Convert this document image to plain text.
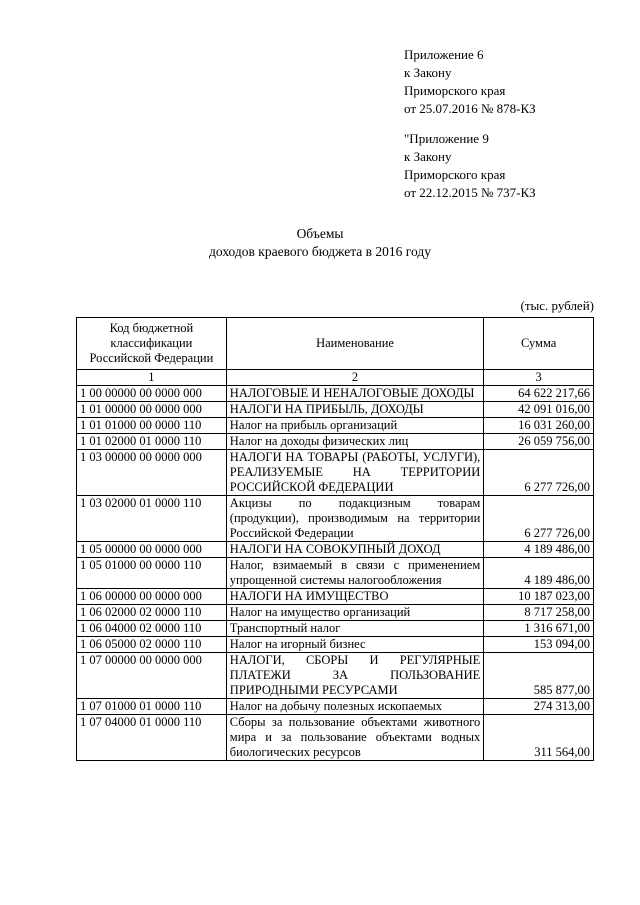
Приложение 6
к Закону
Приморского края
от 25.07.2016 № 878-КЗ
"Приложение 9
к Закону
Приморского края
от 22.12.2015 № 737-КЗ
Объемы
доходов краевого бюджета в 2016 году
(тыс. рублей)
Код бюджетной классификации Российской Федерации	Наименование	Сумма
1	2	3
1 00 00000 00 0000 000	НАЛОГОВЫЕ И НЕНАЛОГОВЫЕ ДОХОДЫ	64 622 217,66
1 01 00000 00 0000 000	НАЛОГИ НА ПРИБЫЛЬ, ДОХОДЫ	42 091 016,00
1 01 01000 00 0000 110	Налог на прибыль организаций	16 031 260,00
1 01 02000 01 0000 110	Налог на доходы физических лиц	26 059 756,00
1 03 00000 00 0000 000	НАЛОГИ НА ТОВАРЫ (РАБОТЫ, УСЛУГИ), РЕАЛИЗУЕМЫЕ НА ТЕРРИТОРИИ РОССИЙСКОЙ ФЕДЕРАЦИИ	6 277 726,00
1 03 02000 01 0000 110	Акцизы по подакцизным товарам (продукции), производимым на территории Российской Федерации	6 277 726,00
1 05 00000 00 0000 000	НАЛОГИ НА СОВОКУПНЫЙ ДОХОД	4 189 486,00
1 05 01000 00 0000 110	Налог, взимаемый в связи с применением упрощенной системы налогообложения	4 189 486,00
1 06 00000 00 0000 000	НАЛОГИ НА ИМУЩЕСТВО	10 187 023,00
1 06 02000 02 0000 110	Налог на имущество организаций	8 717 258,00
1 06 04000 02 0000 110	Транспортный налог	1 316 671,00
1 06 05000 02 0000 110	Налог на игорный бизнес	153 094,00
1 07 00000 00 0000 000	НАЛОГИ, СБОРЫ И РЕГУЛЯРНЫЕ ПЛАТЕЖИ ЗА ПОЛЬЗОВАНИЕ ПРИРОДНЫМИ РЕСУРСАМИ	585 877,00
1 07 01000 01 0000 110	Налог на добычу полезных ископаемых	274 313,00
1 07 04000 01 0000 110	Сборы за пользование объектами животного мира и за пользование объектами водных биологических ресурсов	311 564,00
